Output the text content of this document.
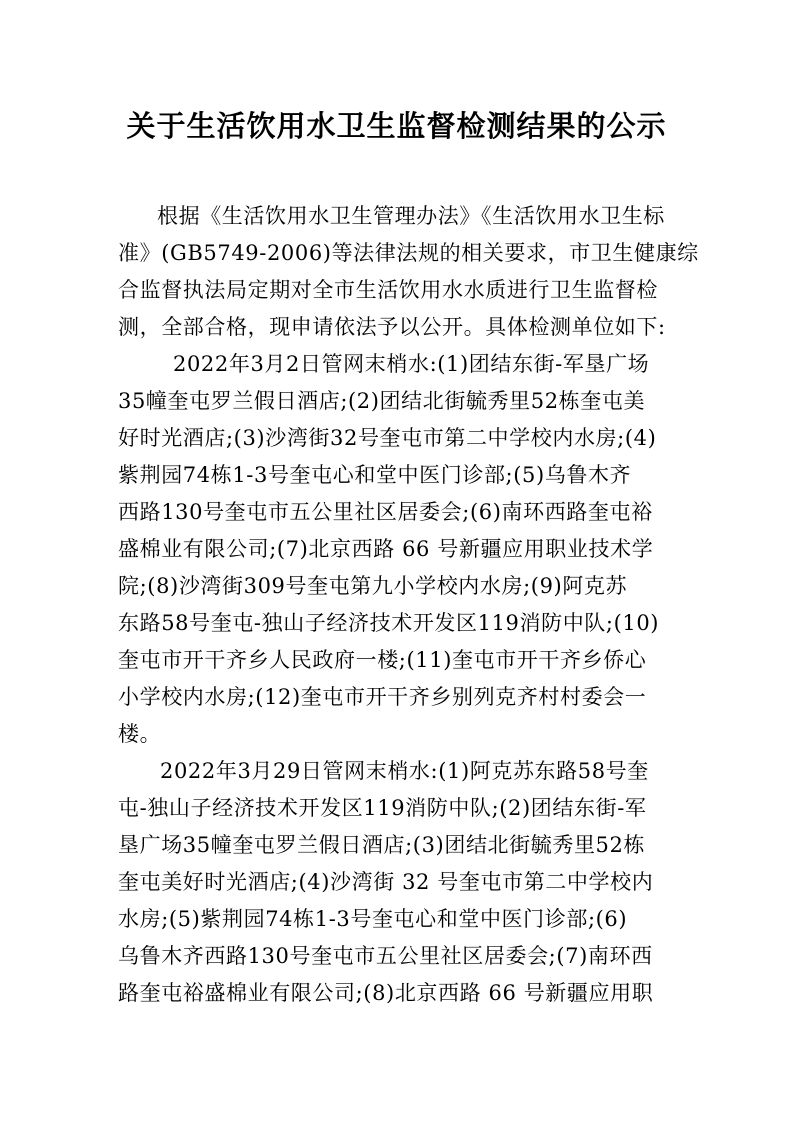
关于生活饮用水卫生监督检测结果的公示
根据《生活饮用水卫生管理办法》《生活饮用水卫生标
准》(GB5749-2006)等法律法规的相关要求，市卫生健康综
合监督执法局定期对全市生活饮用水水质进行卫生监督检
测，全部合格，现申请依法予以公开。具体检测单位如下:
2022年3月2日管网末梢水:(1)团结东街-军垦广场
35幢奎屯罗兰假日酒店;(2)团结北街毓秀里52栋奎屯美
好时光酒店;(3)沙湾街32号奎屯市第二中学校内水房;(4)
紫荆园74栋1-3号奎屯心和堂中医门诊部;(5)乌鲁木齐
西路130号奎屯市五公里社区居委会;(6)南环西路奎屯裕
盛棉业有限公司;(7)北京西路 66 号新疆应用职业技术学
院;(8)沙湾街309号奎屯第九小学校内水房;(9)阿克苏
东路58号奎屯-独山子经济技术开发区119消防中队;(10)
奎屯市开干齐乡人民政府一楼;(11)奎屯市开干齐乡侨心
小学校内水房;(12)奎屯市开干齐乡别列克齐村村委会一
楼。
2022年3月29日管网末梢水:(1)阿克苏东路58号奎
屯-独山子经济技术开发区119消防中队;(2)团结东街-军
垦广场35幢奎屯罗兰假日酒店;(3)团结北街毓秀里52栋
奎屯美好时光酒店;(4)沙湾街 32 号奎屯市第二中学校内
水房;(5)紫荆园74栋1-3号奎屯心和堂中医门诊部;(6)
乌鲁木齐西路130号奎屯市五公里社区居委会;(7)南环西
路奎屯裕盛棉业有限公司;(8)北京西路 66 号新疆应用职
